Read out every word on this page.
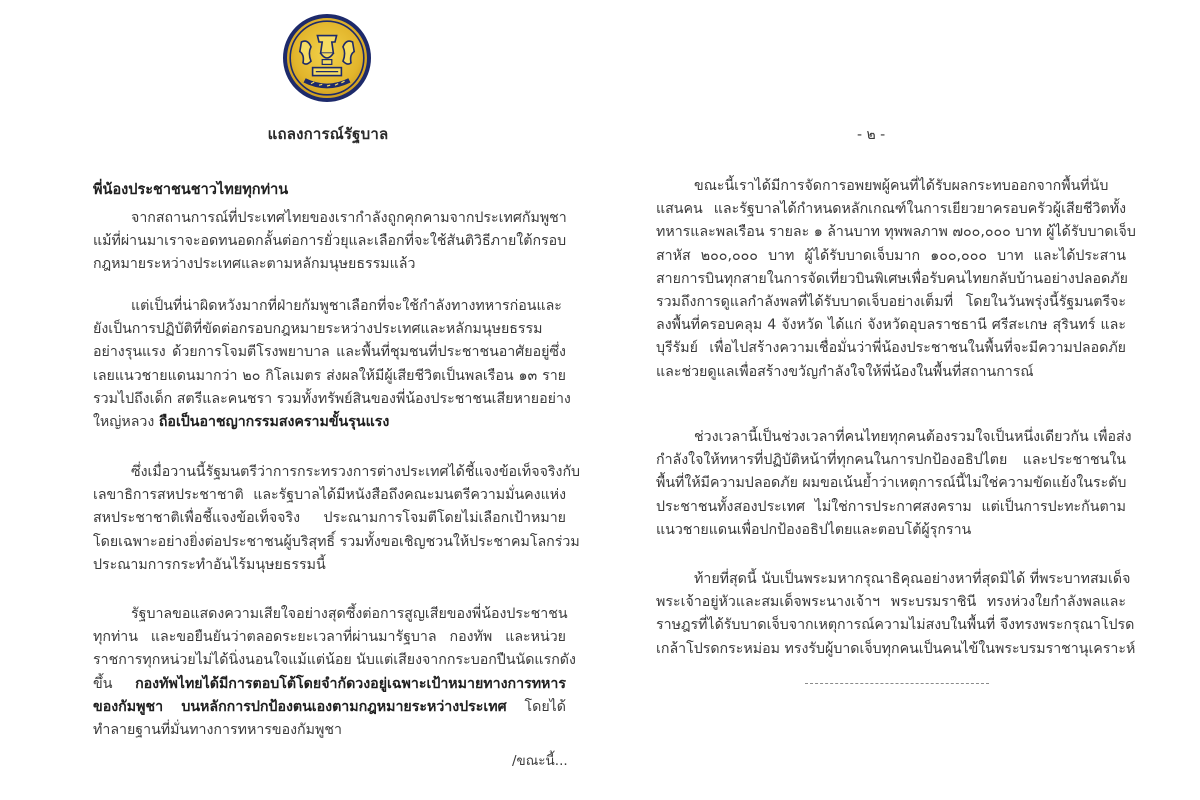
แถลงการณ์รัฐบาล
พี่น้องประชาชนชาวไทยทุกท่าน
จากสถานการณ์ที่ประเทศไทยของเรากำลังถูกคุกคามจากประเทศกัมพูชา
แม้ที่ผ่านมาเราจะอดทนอดกลั้นต่อการยั่วยุและเลือกที่จะใช้สันติวิธีภายใต้กรอบ
กฎหมายระหว่างประเทศและตามหลักมนุษยธรรมแล้ว
แต่เป็นที่น่าผิดหวังมากที่ฝ่ายกัมพูชาเลือกที่จะใช้กำลังทางทหารก่อนและ
ยังเป็นการปฏิบัติที่ขัดต่อกรอบกฎหมายระหว่างประเทศและหลักมนุษยธรรม
อย่างรุนแรง ด้วยการโจมตีโรงพยาบาล และพื้นที่ชุมชนที่ประชาชนอาศัยอยู่ซึ่ง
เลยแนวชายแดนมากว่า ๒๐ กิโลเมตร ส่งผลให้มีผู้เสียชีวิตเป็นพลเรือน ๑๓ ราย
รวมไปถึงเด็ก สตรีและคนชรา รวมทั้งทรัพย์สินของพี่น้องประชาชนเสียหายอย่าง
ใหญ่หลวง ถือเป็นอาชญากรรมสงครามขั้นรุนแรง
ซึ่งเมื่อวานนี้รัฐมนตรีว่าการกระทรวงการต่างประเทศได้ชี้แจงข้อเท็จจริงกับ
เลขาธิการสหประชาชาติ และรัฐบาลได้มีหนังสือถึงคณะมนตรีความมั่นคงแห่ง
สหประชาชาติเพื่อชี้แจงข้อเท็จจริง ประณามการโจมตีโดยไม่เลือกเป้าหมาย
โดยเฉพาะอย่างยิ่งต่อประชาชนผู้บริสุทธิ์ รวมทั้งขอเชิญชวนให้ประชาคมโลกร่วม
ประณามการกระทำอันไร้มนุษยธรรมนี้
รัฐบาลขอแสดงความเสียใจอย่างสุดซึ้งต่อการสูญเสียของพี่น้องประชาชน
ทุกท่าน และขอยืนยันว่าตลอดระยะเวลาที่ผ่านมารัฐบาล กองทัพ และหน่วย
ราชการทุกหน่วยไม่ได้นิ่งนอนใจแม้แต่น้อย นับแต่เสียงจากกระบอกปืนนัดแรกดัง
ขึ้น กองทัพไทยได้มีการตอบโต้โดยจำกัดวงอยู่เฉพาะเป้าหมายทางการทหาร
ของกัมพูชา บนหลักการปกป้องตนเองตามกฎหมายระหว่างประเทศ โดยได้
ทำลายฐานที่มั่นทางการทหารของกัมพูชา
/ขณะนี้...
- ๒ -
ขณะนี้เราได้มีการจัดการอพยพผู้คนที่ได้รับผลกระทบออกจากพื้นที่นับ
แสนคน และรัฐบาลได้กำหนดหลักเกณฑ์ในการเยียวยาครอบครัวผู้เสียชีวิตทั้ง
ทหารและพลเรือน รายละ ๑ ล้านบาท ทุพพลภาพ ๗๐๐,๐๐๐ บาท ผู้ได้รับบาดเจ็บ
สาหัส ๒๐๐,๐๐๐ บาท ผู้ได้รับบาดเจ็บมาก ๑๐๐,๐๐๐ บาท และได้ประสาน
สายการบินทุกสายในการจัดเที่ยวบินพิเศษเพื่อรับคนไทยกลับบ้านอย่างปลอดภัย
รวมถึงการดูแลกำลังพลที่ได้รับบาดเจ็บอย่างเต็มที่ โดยในวันพรุ่งนี้รัฐมนตรีจะ
ลงพื้นที่ครอบคลุม 4 จังหวัด ได้แก่ จังหวัดอุบลราชธานี ศรีสะเกษ สุรินทร์ และ
บุรีรัมย์ เพื่อไปสร้างความเชื่อมั่นว่าพี่น้องประชาชนในพื้นที่จะมีความปลอดภัย
และช่วยดูแลเพื่อสร้างขวัญกำลังใจให้พี่น้องในพื้นที่สถานการณ์
ช่วงเวลานี้เป็นช่วงเวลาที่คนไทยทุกคนต้องรวมใจเป็นหนึ่งเดียวกัน เพื่อส่ง
กำลังใจให้ทหารที่ปฏิบัติหน้าที่ทุกคนในการปกป้องอธิปไตย และประชาชนใน
พื้นที่ให้มีความปลอดภัย ผมขอเน้นย้ำว่าเหตุการณ์นี้ไม่ใช่ความขัดแย้งในระดับ
ประชาชนทั้งสองประเทศ ไม่ใช่การประกาศสงคราม แต่เป็นการปะทะกันตาม
แนวชายแดนเพื่อปกป้องอธิปไตยและตอบโต้ผู้รุกราน
ท้ายที่สุดนี้ นับเป็นพระมหากรุณาธิคุณอย่างหาที่สุดมิได้ ที่พระบาทสมเด็จ
พระเจ้าอยู่หัวและสมเด็จพระนางเจ้าฯ พระบรมราชินี ทรงห่วงใยกำลังพลและ
ราษฎรที่ได้รับบาดเจ็บจากเหตุการณ์ความไม่สงบในพื้นที่ จึงทรงพระกรุณาโปรด
เกล้าโปรดกระหม่อม ทรงรับผู้บาดเจ็บทุกคนเป็นคนไข้ในพระบรมราชานุเคราะห์
